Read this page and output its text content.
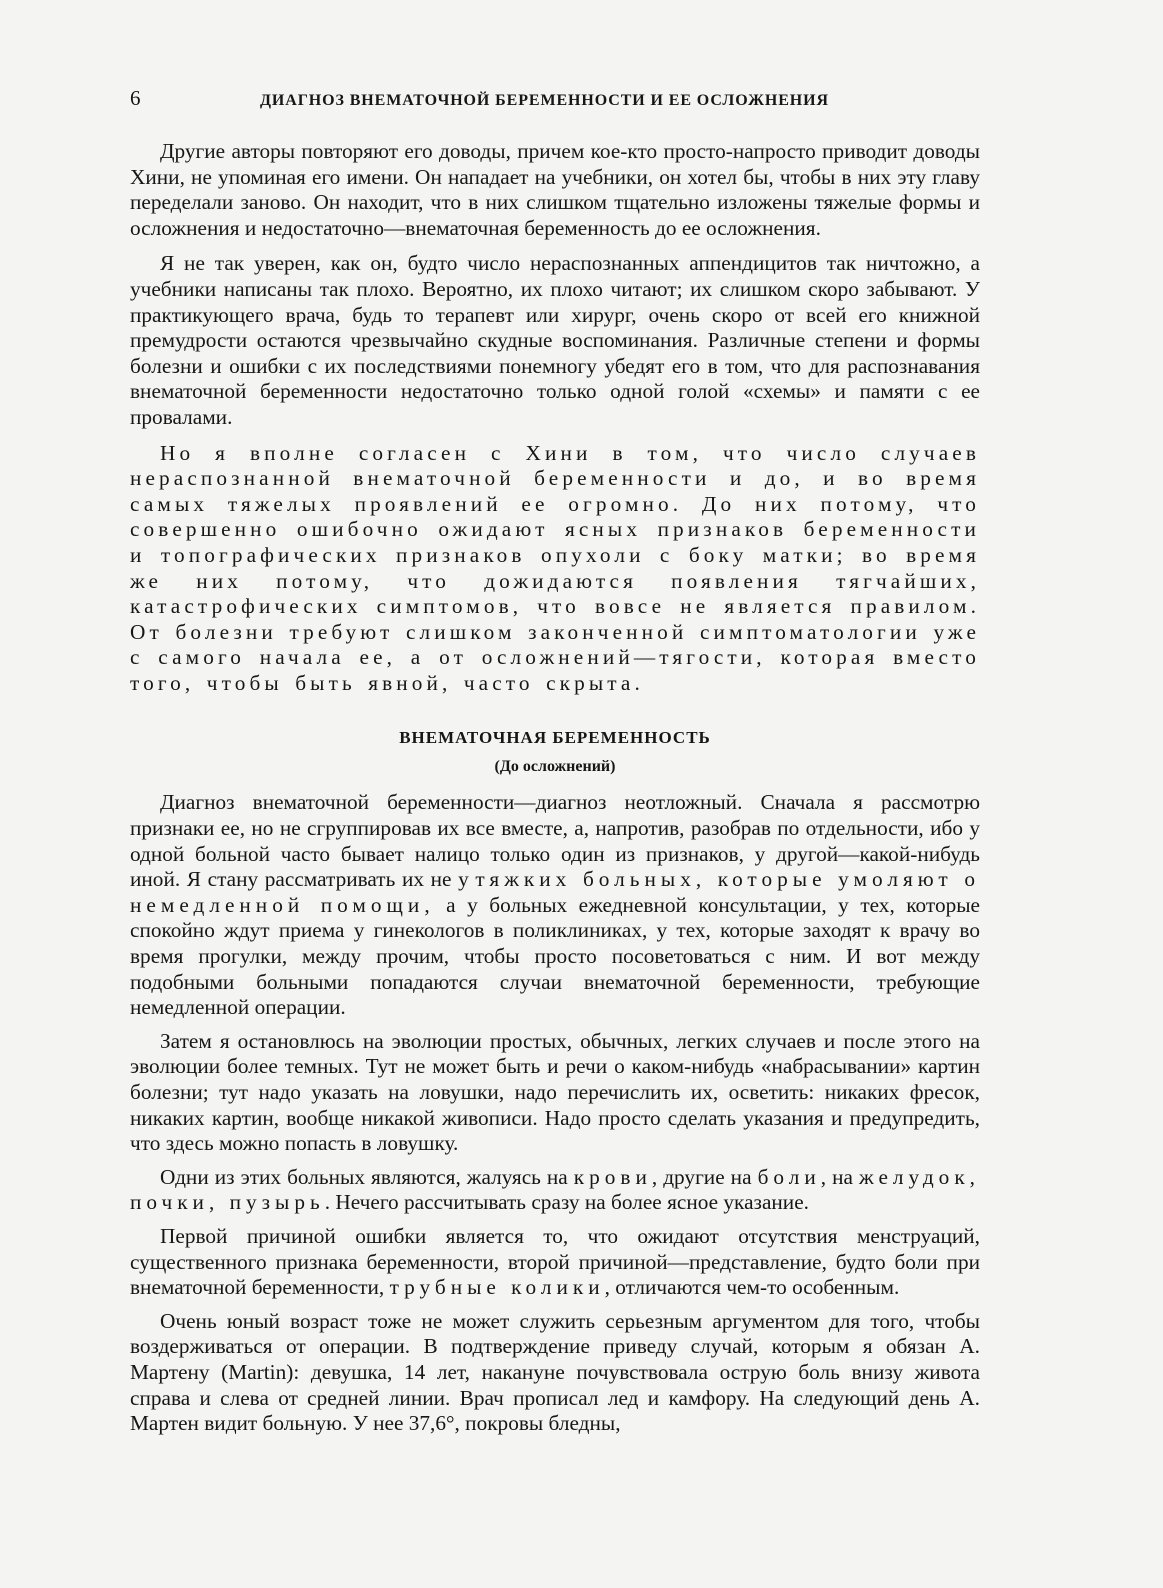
6	ДИАГНОЗ ВНЕМАТОЧНОЙ БЕРЕМЕННОСТИ И ЕЕ ОСЛОЖНЕНИЯ

Другие авторы повторяют его доводы, причем кое-кто просто-напросто приводит доводы Хини, не упоминая его имени. Он нападает на учебники, он хотел бы, чтобы в них эту главу переделали заново. Он находит, что в них слишком тщательно изложены тяжелые формы и осложнения и недостаточно—внематочная беременность до ее осложнения.

Я не так уверен, как он, будто число нераспознанных аппендицитов так ничтожно, а учебники написаны так плохо. Вероятно, их плохо читают; их слишком скоро забывают. У практикующего врача, будь то терапевт или хирург, очень скоро от всей его книжной премудрости остаются чрезвычайно скудные воспоминания. Различные степени и формы болезни и ошибки с их последствиями понемногу убедят его в том, что для распознавания внематочной беременности недостаточно только одной голой «схемы» и памяти с ее провалами.

Но я вполне согласен с Хини в том, что число случаев нераспознанной внематочной беременности и до, и во время самых тяжелых проявлений ее огромно. До них потому, что совершенно ошибочно ожидают ясных признаков беременности и топографических признаков опухоли с боку матки; во время же них потому, что дожидаются появления тягчайших, катастрофических симптомов, что вовсе не является правилом. От болезни требуют слишком законченной симптоматологии уже с самого начала ее, а от осложнений—тягости, которая вместо того, чтобы быть явной, часто скрыта.

ВНЕМАТОЧНАЯ БЕРЕМЕННОСТЬ
(До осложнений)

Диагноз внематочной беременности—диагноз неотложный. Сначала я рассмотрю признаки ее, но не сгруппировав их все вместе, а, напротив, разобрав по отдельности, ибо у одной больной часто бывает налицо только один из признаков, у другой—какой-нибудь иной. Я стану рассматривать их не у тяжких больных, которые умоляют о немедленной помощи, а у больных ежедневной консультации, у тех, которые спокойно ждут приема у гинекологов в поликлиниках, у тех, которые заходят к врачу во время прогулки, между прочим, чтобы просто посоветоваться с ним. И вот между подобными больными попадаются случаи внематочной беременности, требующие немедленной операции.

Затем я остановлюсь на эволюции простых, обычных, легких случаев и после этого на эволюции более темных. Тут не может быть и речи о каком-нибудь «набрасывании» картин болезни; тут надо указать на ловушки, надо перечислить их, осветить: никаких фресок, никаких картин, вообще никакой живописи. Надо просто сделать указания и предупредить, что здесь можно попасть в ловушку.

Одни из этих больных являются, жалуясь на крови, другие на боли, на желудок, почки, пузырь. Нечего рассчитывать сразу на более ясное указание.

Первой причиной ошибки является то, что ожидают отсутствия менструаций, существенного признака беременности, второй причиной—представление, будто боли при внематочной беременности, трубные колики, отличаются чем-то особенным.

Очень юный возраст тоже не может служить серьезным аргументом для того, чтобы воздерживаться от операции. В подтверждение приведу случай, которым я обязан А. Мартену (Martin): девушка, 14 лет, накануне почувствовала острую боль внизу живота справа и слева от средней линии. Врач прописал лед и камфору. На следующий день А. Мартен видит больную. У нее 37,6°, покровы бледны,
